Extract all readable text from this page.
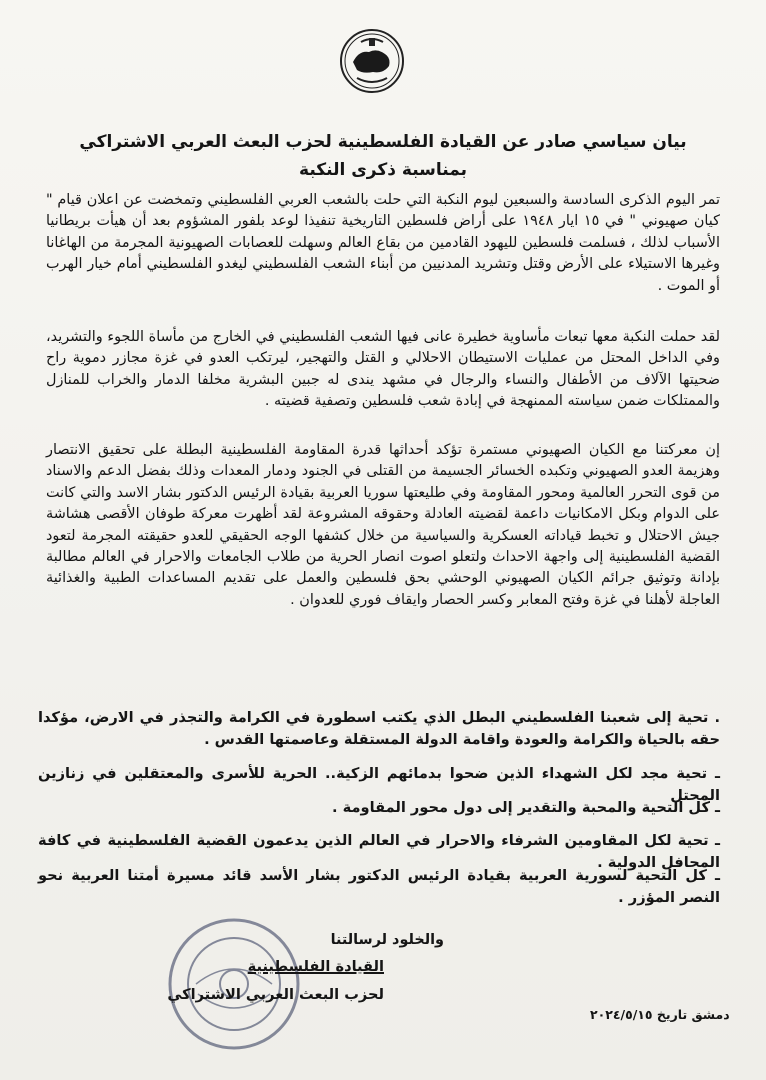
بيان سياسي صادر عن القيادة الفلسطينية لحزب البعث العربي الاشتراكي
بمناسبة ذكرى النكبة
تمر اليوم الذكرى السادسة والسبعين ليوم النكبة التي حلت بالشعب العربي الفلسطيني وتمخضت عن اعلان قيام " كيان صهيوني " في ١٥ ايار ١٩٤٨ على أراض فلسطين التاريخية تنفيذا لوعد بلفور المشؤوم بعد أن هيأت بريطانيا الأسباب لذلك ، فسلمت فلسطين لليهود القادمين من بقاع العالم وسهلت للعصابات الصهيونية المجرمة من الهاغانا وغيرها الاستيلاء على الأرض وقتل وتشريد المدنيين من أبناء الشعب الفلسطيني ليغدو الفلسطيني أمام خيار الهرب أو الموت .
لقد حملت النكبة معها تبعات مأساوية خطيرة عانى فيها الشعب الفلسطيني في الخارج من مأساة اللجوء والتشريد، وفي الداخل المحتل من عمليات الاستيطان الاحلالي و القتل والتهجير، ليرتكب العدو في غزة مجازر دموية راح ضحيتها الآلاف من الأطفال والنساء والرجال في مشهد يندى له جبين البشرية مخلفا الدمار والخراب للمنازل والممتلكات ضمن سياسته الممنهجة في إبادة شعب فلسطين وتصفية قضيته .
إن معركتنا مع الكيان الصهيوني مستمرة تؤكد أحداثها قدرة المقاومة الفلسطينية البطلة على تحقيق الانتصار وهزيمة العدو الصهيوني وتكبده الخسائر الجسيمة من القتلى في الجنود ودمار المعدات وذلك بفضل الدعم والاسناد من قوى التحرر العالمية ومحور المقاومة وفي طليعتها سوريا العربية بقيادة الرئيس الدكتور بشار الاسد والتي كانت على الدوام وبكل الامكانيات داعمة لقضيته العادلة وحقوقه المشروعة لقد أظهرت معركة طوفان الأقصى هشاشة جيش الاحتلال و تخبط قياداته العسكرية والسياسية من خلال كشفها الوجه الحقيقي للعدو حقيقته المجرمة لتعود القضية الفلسطينية إلى واجهة الاحداث ولتعلو اصوت انصار الحرية من طلاب الجامعات والاحرار في العالم مطالبة بإدانة وتوثيق جرائم الكيان الصهيوني الوحشي بحق فلسطين والعمل على تقديم المساعدات الطبية والغذائية العاجلة لأهلنا في غزة وفتح المعابر وكسر الحصار وايقاف فوري للعدوان .
. تحية إلى شعبنا الفلسطيني البطل الذي يكتب اسطورة في الكرامة والتجذر في الارض، مؤكدا حقه بالحياة والكرامة والعودة واقامة الدولة المستقلة وعاصمتها القدس .
ـ تحية مجد لكل الشهداء الذين ضحوا بدمائهم الزكية.. الحرية للأسرى والمعتقلين في زنازين المحتل
ـ كل التحية والمحبة والتقدير إلى دول محور المقاومة .
ـ تحية لكل المقاومين الشرفاء والاحرار في العالم الذين يدعمون القضية الفلسطينية في كافة المحافل الدولية .
ـ كل التحية لسورية العربية بقيادة الرئيس الدكتور بشار الأسد قائد مسيرة أمتنا العربية نحو النصر المؤزر .
والخلود لرسالتنا
القيادة الفلسطينية
لحزب البعث العربي الاشتراكي
دمشق تاريخ ٢٠٢٤/٥/١٥
